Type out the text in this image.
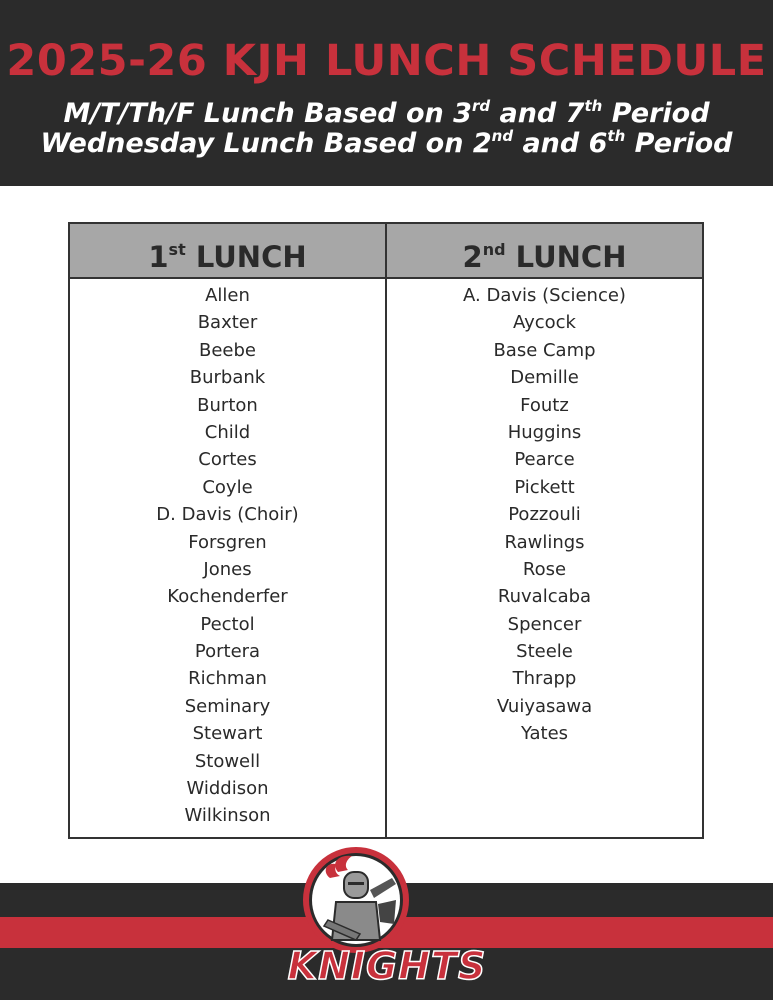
2025-26 KJH LUNCH SCHEDULE
M/T/Th/F Lunch Based on 3rd and 7th Period
Wednesday Lunch Based on 2nd and 6th Period
1st LUNCH
Allen
Baxter
Beebe
Burbank
Burton
Child
Cortes
Coyle
D. Davis (Choir)
Forsgren
Jones
Kochenderfer
Pectol
Portera
Richman
Seminary
Stewart
Stowell
Widdison
Wilkinson
2nd LUNCH
A. Davis (Science)
Aycock
Base Camp
Demille
Foutz
Huggins
Pearce
Pickett
Pozzouli
Rawlings
Rose
Ruvalcaba
Spencer
Steele
Thrapp
Vuiyasawa
Yates
KNIGHTS
